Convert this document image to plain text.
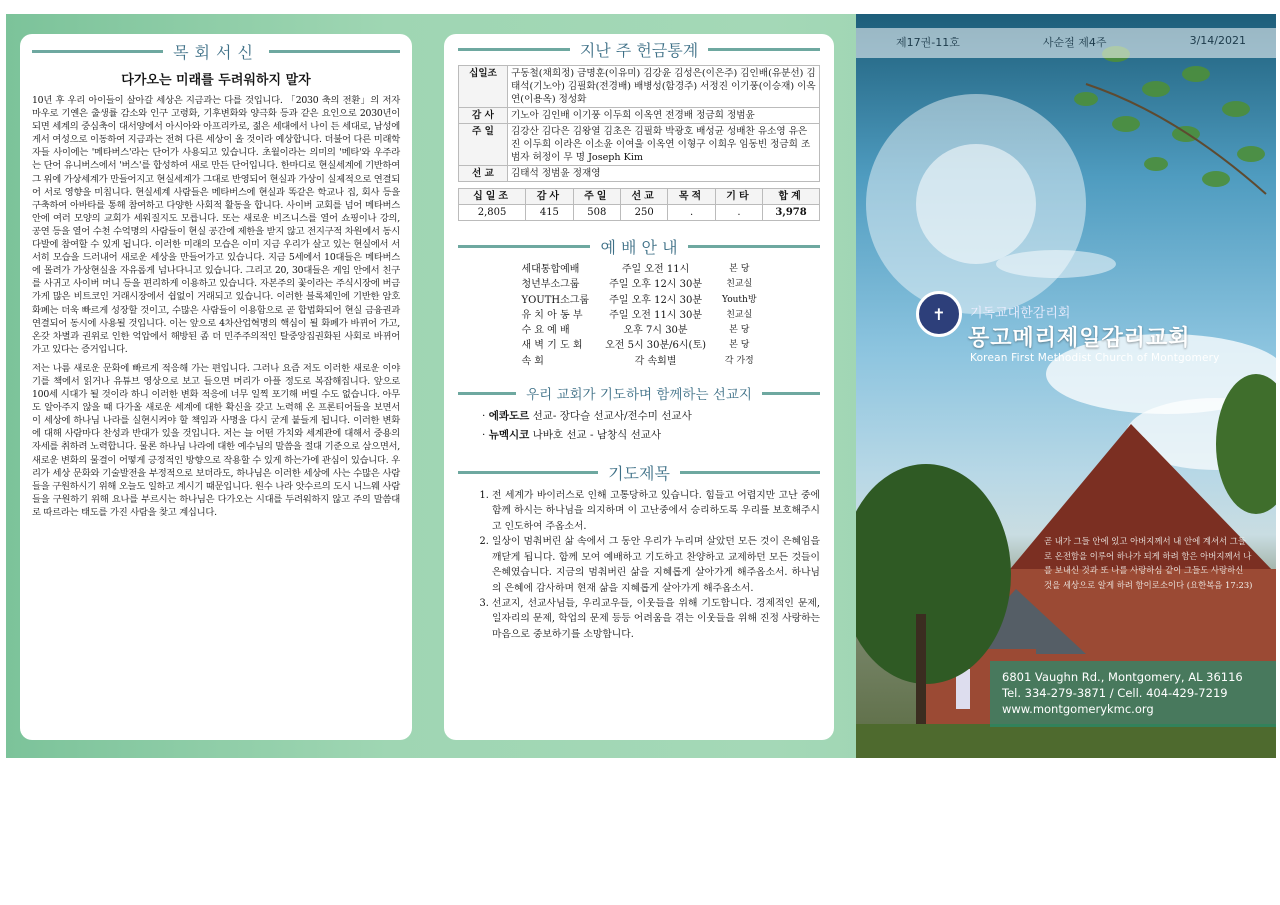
목회서신
다가오는 미래를 두려워하지 말자

10년 후 우리 아이들이 살아갈 세상은 지금과는 다를 것입니다. 「2030 축의 전환」의 저자 마우로 기옌은 출생률 감소와 인구 고령화, 기후변화와 양극화 등과 같은 요인으로 2030년이 되면 세계의 중심축이 대서양에서 아시아와 아프리카로, 젊은 세대에서 나이 든 세대로, 남성에게서 여성으로 이동하여 지금과는 전혀 다른 세상이 올 것이라 예상합니다. 더불어 다른 미래학자들 사이에는 '메타버스'라는 단어가 사용되고 있습니다. 초월이라는 의미의 '메타'와 우주라는 단어 유니버스에서 '버스'를 합성하여 새로 만든 단어입니다. 한마디로 현실세계에 기반하여 그 위에 가상세계가 만들어지고 현실세계가 그대로 반영되어 현실과 가상이 실제적으로 연결되어 서로 영향을 미칩니다. 현실세계 사람들은 메타버스에 현실과 똑같은 학교나 집, 회사 등을 구축하여 아바타를 통해 참여하고 다양한 사회적 활동을 합니다. 사이버 교회를 넘어 메타버스 안에 여러 모양의 교회가 세워질지도 모릅니다. 또는 새로운 비즈니스를 열어 쇼핑이나 강의, 공연 등을 열어 수천 수억명의 사람들이 현실 공간에 제한을 받지 않고 전지구적 차원에서 동시다발에 참여할 수 있게 됩니다. 이러한 미래의 모습은 이미 지금 우리가 살고 있는 현실에서 서서히 모습을 드러내어 새로운 세상을 만들어가고 있습니다. 지금 5세에서 10대들은 메타버스에 몰려가 가상현실을 자유롭게 넘나다니고 있습니다. 그리고 20, 30대들은 게임 안에서 친구를 사귀고 사이버 머니 등을 편리하게 이용하고 있습니다. 자본주의 꽃이라는 주식시장에 버금가게 많은 비트코인 거래시장에서 쉽없이 거래되고 있습니다. 이러한 블록체인에 기반한 암호화폐는 더욱 빠르게 성장할 것이고, 수많은 사람들이 이용함으로 곧 합법화되어 현실 금융권과 연결되어 동시에 사용될 것입니다. 이는 앞으로 4차산업혁명의 핵심이 될 화폐가 바뀌어 가고, 온갖 차별과 권위로 인한 억압에서 해방된 좀 더 민주주의적인 탈중앙집권화된 사회로 바뀌어 가고 있다는 증거입니다.

저는 나름 새로운 문화에 빠르게 적응해 가는 편입니다. 그러나 요즘 저도 이러한 새로운 이야기를 책에서 읽거나 유튜브 영상으로 보고 들으면 머리가 아플 정도로 복잡해집니다. 앞으로 100세 시대가 될 것이라 하니 이러한 변화 적응에 너무 일찍 포기해 버릴 수도 없습니다. 아무도 알아주지 않을 때 다가올 새로운 세계에 대한 확신을 갖고 노력해 온 프론티어들을 보면서 이 세상에 하나님 나라를 실현시켜야 할 책임과 사명을 다시 굳게 붙들게 됩니다. 이러한 변화에 대해 사람마다 찬성과 반대가 있을 것입니다. 저는 늘 어떤 가치와 세계관에 대해서 중용의 자세를 취하려 노력합니다. 물론 하나님 나라에 대한 예수님의 말씀을 절대 기준으로 삼으면서, 새로운 변화의 물결이 어떻게 긍정적인 방향으로 작용할 수 있게 하는가에 관심이 있습니다. 우리가 세상 문화와 기술발전을 부정적으로 보더라도, 하나님은 이러한 세상에 사는 수많은 사람들을 구원하시기 위해 오늘도 일하고 계시기 때문입니다. 원수 나라 앗수르의 도시 니느웨 사람들을 구원하기 위해 요나를 부르시는 하나님은 다가오는 시대를 두려워하지 않고 주의 말씀대로 따르라는 태도를 가진 사람을 찾고 계십니다.

지난 주 헌금통계
십일조	구동철(채희정) 금명훈(이유미) 김강윤 김성은(이은주) 김인배(유분선) 김태석(기노아) 김필화(전경배) 배병성(함경주) 서정진 이기풍(이승재) 이옥연(이용옥) 정성화
감 사	기노아 김인배 이기풍 이두희 이옥연 전경배 정금희 정범윤
주 일	김강산 김다은 김왕열 김초은 김필화 박광호 배성균 성배찬 유소영 유은진 이두희 이라은 이소윤 이여울 이옥연 이형구 이희우 임동빈 정금희 조범자 허정이 무 명 Joseph Kim
선 교	김태석 정범윤 정재영
십일조	감사	주일	선교	목적	기타	합계
2,805	415	508	250	.	.	3,978
예 배 안 내
세대통합예배	주일 오전 11시	본 당
청년부소그룹	주일 오후 12시 30분	친교실
YOUTH소그룹	주일 오후 12시 30분	Youth방
유 치 아 동 부	주일 오전 11시 30분	친교실
수 요 예 배	오후 7시 30분	본 당
새 벽 기 도 회	오전 5시 30분/6시(토)	본 당
속 회	각 속회별	각 가정
우리 교회가 기도하며 함께하는 선교지
· 에콰도르 선교- 장다슬 선교사/전수미 선교사
· 뉴멕시코 나바호 선교 - 남창식 선교사
기도제목
1. 전 세계가 바이러스로 인해 고통당하고 있습니다. 힘들고 어렵지만 고난 중에 함께 하시는 하나님을 의지하며 이 고난중에서 승리하도록 우리를 보호해주시고 인도하여 주옵소서.
2. 일상이 멈춰버린 삶 속에서 그 동안 우리가 누리며 살았던 모든 것이 은혜임을 깨닫게 됩니다. 함께 모여 예배하고 기도하고 찬양하고 교제하던 모든 것들이 은혜였습니다. 지금의 멈춰버린 삶을 지혜롭게 살아가게 해주옵소서. 하나님의 은혜에 감사하며 현재 삶을 지혜롭게 살아가게 해주옵소서.
3. 선교지, 선교사님들, 우리교우들, 이웃들을 위해 기도합니다. 경제적인 문제, 일자리의 문제, 학업의 문제 등등 어려움을 겪는 이웃들을 위해 진정 사랑하는 마음으로 중보하기를 소망합니다.
제17권-11호	사순절 제4주	3/14/2021
✝	기독교대한감리회
몽고메리제일감리교회
Korean First Methodist Church of Montgomery
곧 내가 그들 안에 있고 아버지께서 내 안에 계셔서 그들로 온전함을 이루어 하나가 되게 하려 함은 아버지께서 나를 보내신 것과 또 나를 사랑하심 같이 그들도 사랑하신 것을 세상으로 알게 하려 함이로소이다 (요한복음 17:23)
6801 Vaughn Rd., Montgomery, AL 36116
Tel. 334-279-3871 / Cell. 404-429-7219
www.montgomerykmc.org
